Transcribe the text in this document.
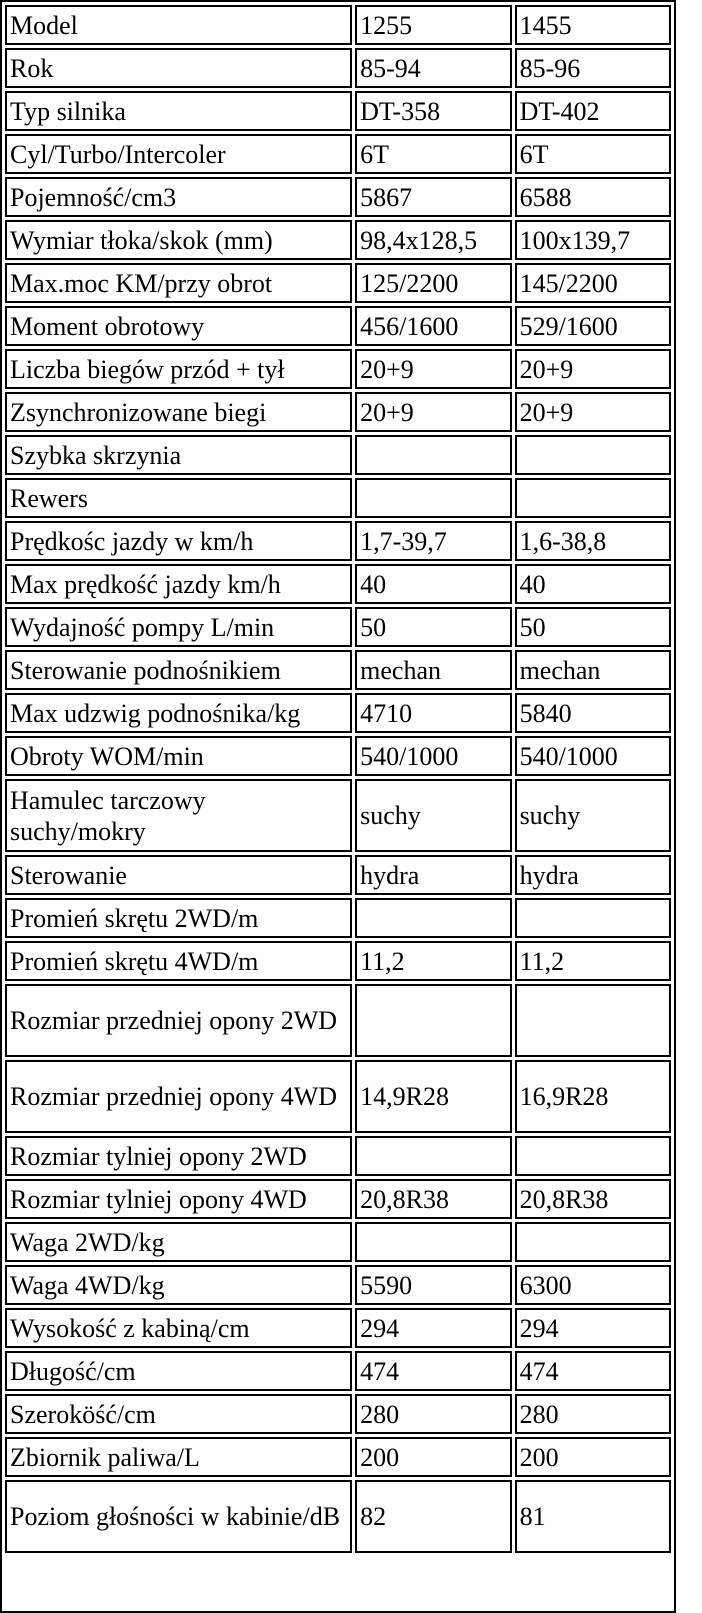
Model	1255	1455
Rok	85-94	85-96
Typ silnika	DT-358	DT-402
Cyl/Turbo/Intercoler	6T	6T
Pojemność/cm3	5867	6588
Wymiar tłoka/skok (mm)	98,4x128,5	100x139,7
Max.moc KM/przy obrot	125/2200	145/2200
Moment obrotowy	456/1600	529/1600
Liczba biegów przód + tył	20+9	20+9
Zsynchronizowane biegi	20+9	20+9
Szybka skrzynia		
Rewers		
Prędkośc jazdy w km/h	1,7-39,7	1,6-38,8
Max prędkość jazdy km/h	40	40
Wydajność pompy L/min	50	50
Sterowanie podnośnikiem	mechan	mechan
Max udzwig podnośnika/kg	4710	5840
Obroty WOM/min	540/1000	540/1000
Hamulec tarczowy suchy/mokry	suchy	suchy
Sterowanie	hydra	hydra
Promień skrętu 2WD/m		
Promień skrętu 4WD/m	11,2	11,2
Rozmiar przedniej opony 2WD		
Rozmiar przedniej opony 4WD	14,9R28	16,9R28
Rozmiar tylniej opony 2WD		
Rozmiar tylniej opony 4WD	20,8R38	20,8R38
Waga 2WD/kg		
Waga 4WD/kg	5590	6300
Wysokość z kabiną/cm	294	294
Długość/cm	474	474
Szeroköść/cm	280	280
Zbiornik paliwa/L	200	200
Poziom głośności w kabinie/dB	82	81
